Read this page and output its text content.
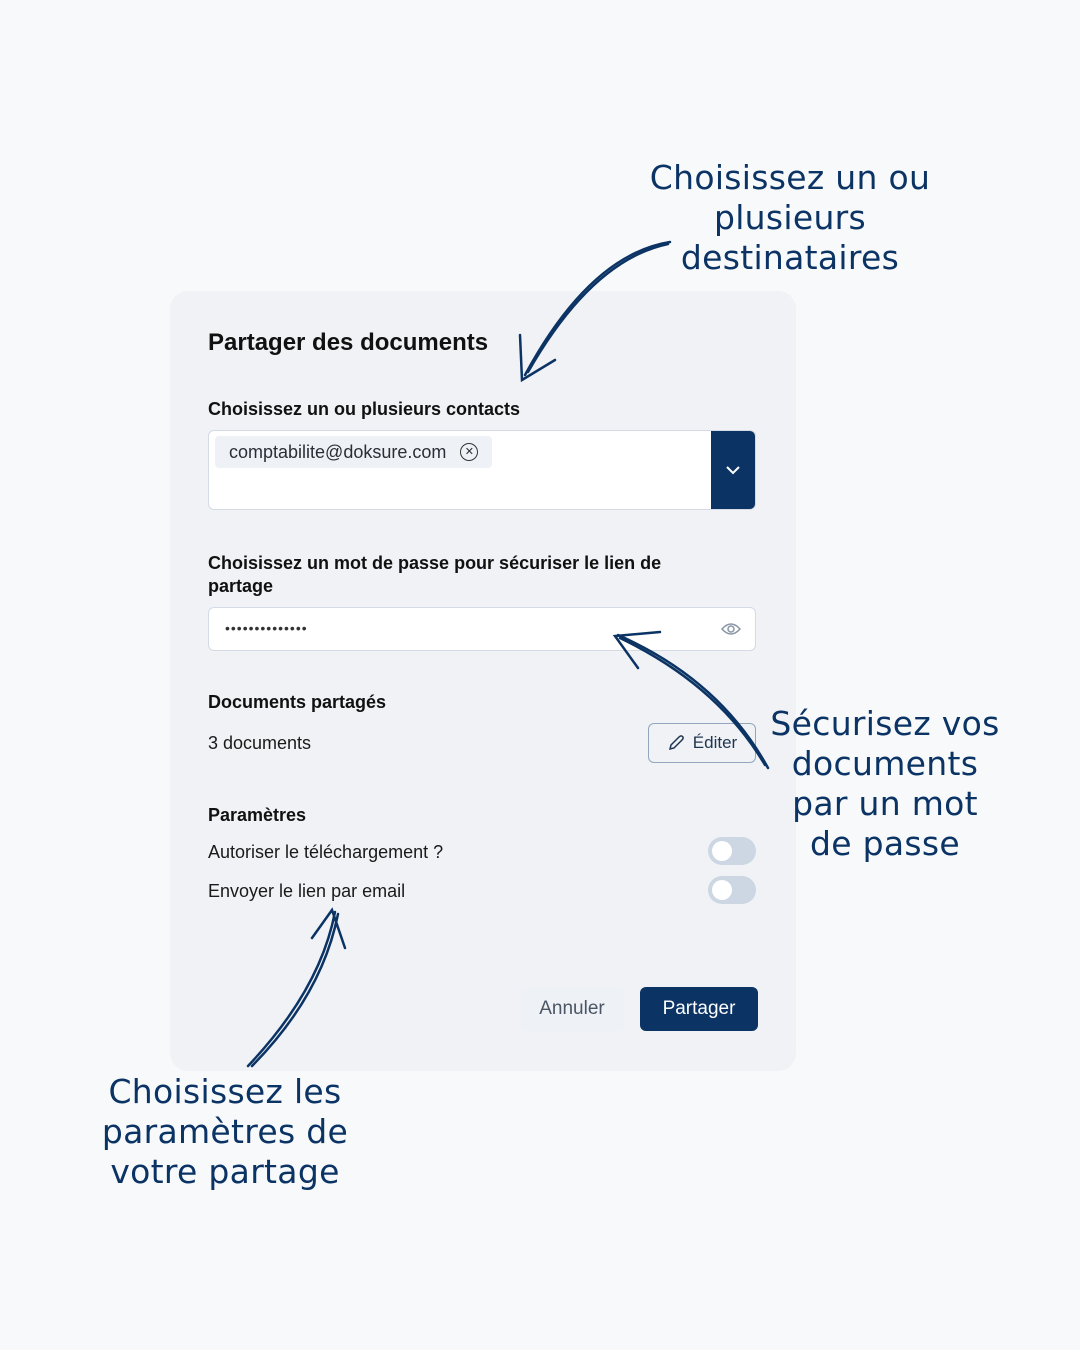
Partager des documents
Choisissez un ou plusieurs contacts
comptabilite@doksure.com	✕
Choisissez un mot de passe pour sécuriser le lien de partage
••••••••••••••
Documents partagés
3 documents	Éditer
Paramètres
Autoriser le téléchargement ?
Envoyer le lien par email
Annuler	Partager
Choisissez un ou
plusieurs
destinataires
Sécurisez vos
documents
par un mot
de passe
Choisissez les
paramètres de
votre partage
